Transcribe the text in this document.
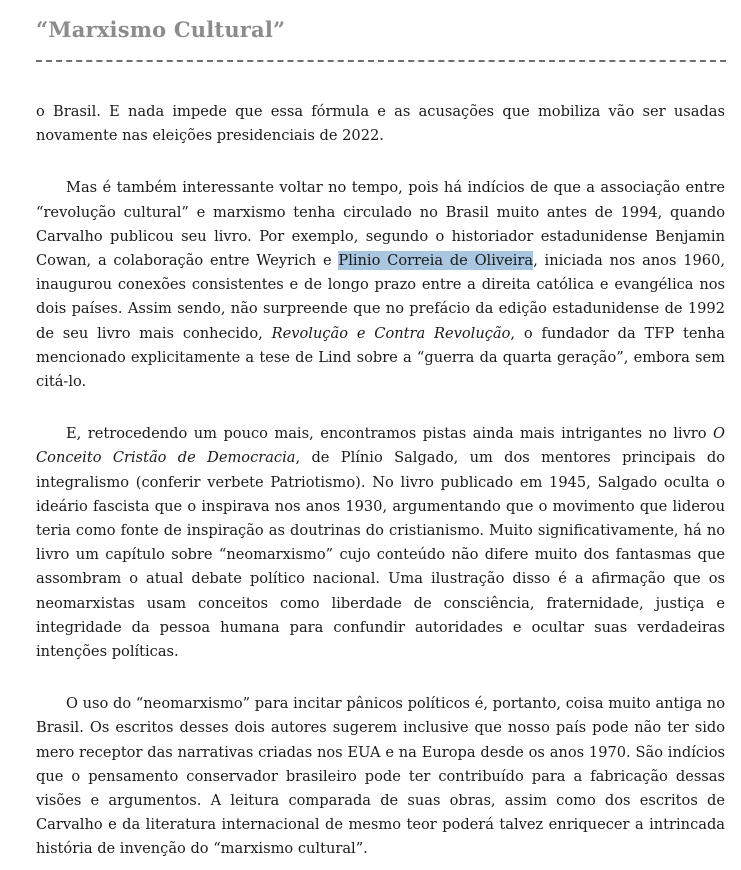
“Marxismo Cultural”

o Brasil. E nada impede que essa fórmula e as acusações que mobiliza vão ser usadas novamente nas eleições presidenciais de 2022.

Mas é também interessante voltar no tempo, pois há indícios de que a associação entre “revolução cultural” e marxismo tenha circulado no Brasil muito antes de 1994, quando Carvalho publicou seu livro. Por exemplo, segundo o historiador estadunidense Benjamin Cowan, a colaboração entre Weyrich e Plinio Correia de Oliveira, iniciada nos anos 1960, inaugurou conexões consistentes e de longo prazo entre a direita católica e evangélica nos dois países. Assim sendo, não surpreende que no prefácio da edição estadunidense de 1992 de seu livro mais conhecido, Revolução e Contra Revolução, o fundador da TFP tenha mencionado explicitamente a tese de Lind sobre a “guerra da quarta geração”, embora sem citá-lo.

E, retrocedendo um pouco mais, encontramos pistas ainda mais intrigantes no livro O Conceito Cristão de Democracia, de Plínio Salgado, um dos mentores principais do integralismo (conferir verbete Patriotismo). No livro publicado em 1945, Salgado oculta o ideário fascista que o inspirava nos anos 1930, argumentando que o movimento que liderou teria como fonte de inspiração as doutrinas do cristianismo. Muito significativamente, há no livro um capítulo sobre “neomarxismo” cujo conteúdo não difere muito dos fantasmas que assombram o atual debate político nacional. Uma ilustração disso é a afirmação que os neomarxistas usam conceitos como liberdade de consciência, fraternidade, justiça e integridade da pessoa humana para confundir autoridades e ocultar suas verdadeiras intenções políticas.

O uso do “neomarxismo” para incitar pânicos políticos é, portanto, coisa muito antiga no Brasil. Os escritos desses dois autores sugerem inclusive que nosso país pode não ter sido mero receptor das narrativas criadas nos EUA e na Europa desde os anos 1970. São indícios que o pensamento conservador brasileiro pode ter contribuído para a fabricação dessas visões e argumentos. A leitura comparada de suas obras, assim como dos escritos de Carvalho e da literatura internacional de mesmo teor poderá talvez enriquecer a intrincada história de invenção do “marxismo cultural”.
